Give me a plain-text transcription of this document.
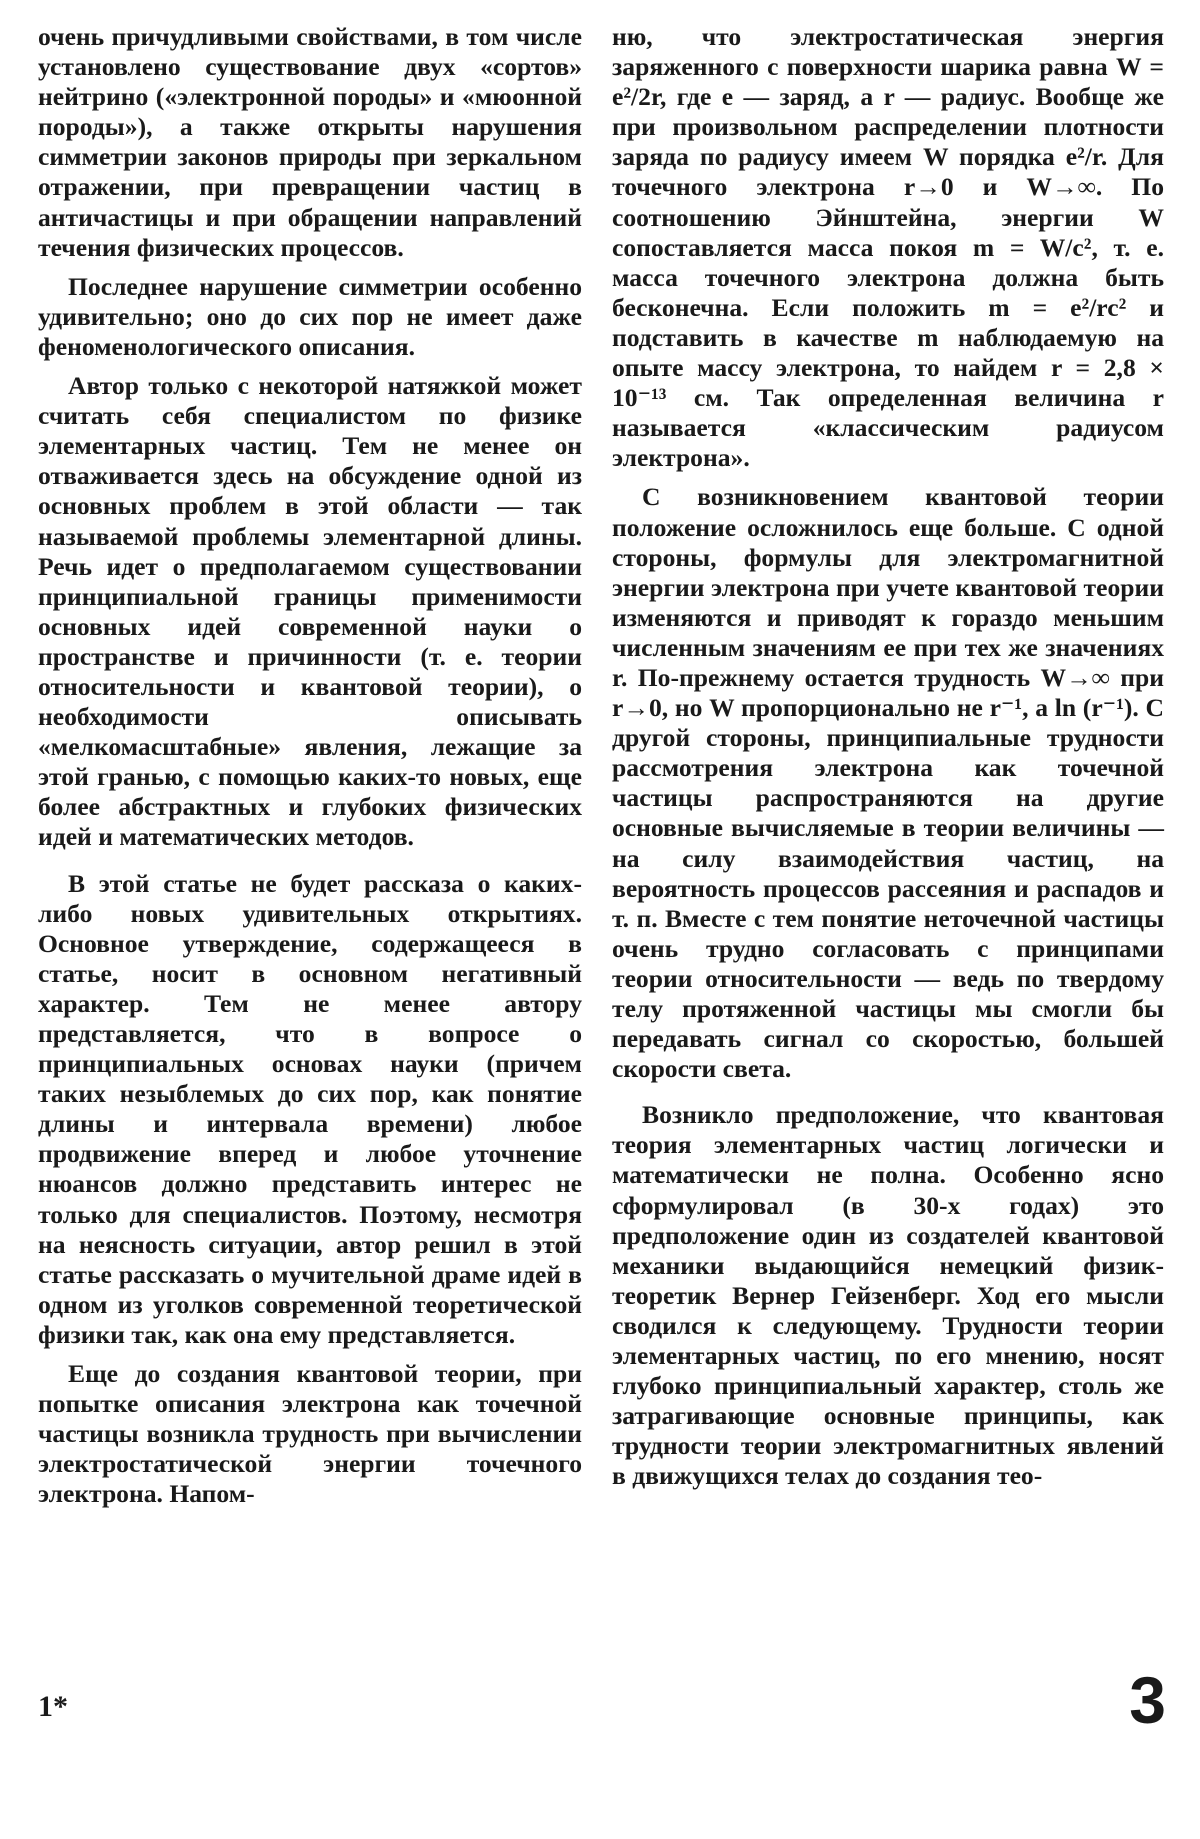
очень причудливыми свойствами, в том числе установлено существование двух «сортов» нейтрино («электронной породы» и «мюонной породы»), а также открыты нарушения симметрии законов природы при зеркальном отражении, при превращении частиц в античастицы и при обращении направлений течения физических процессов.

Последнее нарушение симметрии особенно удивительно; оно до сих пор не имеет даже феноменологического описания.

Автор только с некоторой натяжкой может считать себя специалистом по физике элементарных частиц. Тем не менее он отваживается здесь на обсуждение одной из основных проблем в этой области — так называемой проблемы элементарной длины. Речь идет о предполагаемом существовании принципиальной границы применимости основных идей современной науки о пространстве и причинности (т. е. теории относительности и квантовой теории), о необходимости описывать «мелкомасштабные» явления, лежащие за этой гранью, с помощью каких-то новых, еще более абстрактных и глубоких физических идей и математических методов.

В этой статье не будет рассказа о каких-либо новых удивительных открытиях. Основное утверждение, содержащееся в статье, носит в основном негативный характер. Тем не менее автору представляется, что в вопросе о принципиальных основах науки (причем таких незыблемых до сих пор, как понятие длины и интервала времени) любое продвижение вперед и любое уточнение нюансов должно представить интерес не только для специалистов. Поэтому, несмотря на неясность ситуации, автор решил в этой статье рассказать о мучительной драме идей в одном из уголков современной теоретической физики так, как она ему представляется.

Еще до создания квантовой теории, при попытке описания электрона как точечной частицы возникла трудность при вычислении электростатической энергии точечного электрона. Напом-

ню, что электростатическая энергия заряженного с поверхности шарика равна W = e²/2r, где e — заряд, а r — радиус. Вообще же при произвольном распределении плотности заряда по радиусу имеем W порядка e²/r. Для точечного электрона r→0 и W→∞. По соотношению Эйнштейна, энергии W сопоставляется масса покоя m = W/c², т. е. масса точечного электрона должна быть бесконечна. Если положить m = e²/rc² и подставить в качестве m наблюдаемую на опыте массу электрона, то найдем r = 2,8 × 10⁻¹³ см. Так определенная величина r называется «классическим радиусом электрона».

С возникновением квантовой теории положение осложнилось еще больше. С одной стороны, формулы для электромагнитной энергии электрона при учете квантовой теории изменяются и приводят к гораздо меньшим численным значениям ее при тех же значениях r. По-прежнему остается трудность W→∞ при r→0, но W пропорционально не r⁻¹, а ln (r⁻¹). С другой стороны, принципиальные трудности рассмотрения электрона как точечной частицы распространяются на другие основные вычисляемые в теории величины — на силу взаимодействия частиц, на вероятность процессов рассеяния и распадов и т. п. Вместе с тем понятие неточечной частицы очень трудно согласовать с принципами теории относительности — ведь по твердому телу протяженной частицы мы смогли бы передавать сигнал со скоростью, большей скорости света.

Возникло предположение, что квантовая теория элементарных частиц логически и математически не полна. Особенно ясно сформулировал (в 30-х годах) это предположение один из создателей квантовой механики выдающийся немецкий физик-теоретик Вернер Гейзенберг. Ход его мысли сводился к следующему. Трудности теории элементарных частиц, по его мнению, носят глубоко принципиальный характер, столь же затрагивающие основные принципы, как трудности теории электромагнитных явлений в движущихся телах до создания тео-

1*	3
